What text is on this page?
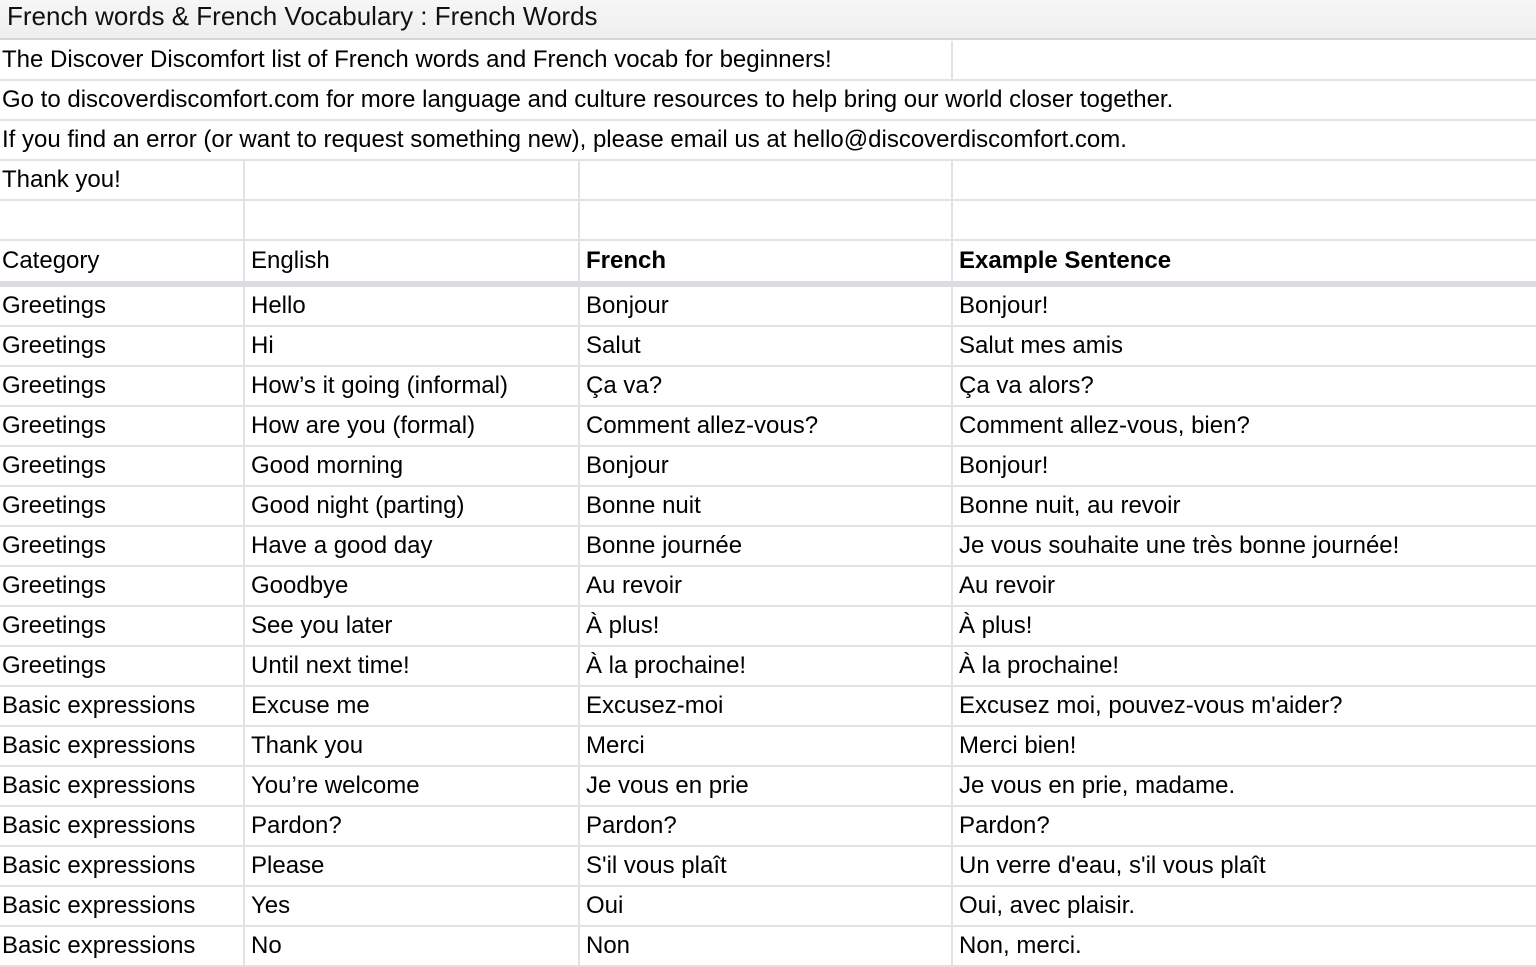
French words & French Vocabulary : French Words
The Discover Discomfort list of French words and French vocab for beginners!
Go to discoverdiscomfort.com for more language and culture resources to help bring our world closer together.
If you find an error (or want to request something new), please email us at hello@discoverdiscomfort.com.
Thank you!
Category	English	French	Example Sentence
Greetings	Hello	Bonjour	Bonjour!
Greetings	Hi	Salut	Salut mes amis
Greetings	How’s it going (informal)	Ça va?	Ça va alors?
Greetings	How are you (formal)	Comment allez-vous?	Comment allez-vous, bien?
Greetings	Good morning	Bonjour	Bonjour!
Greetings	Good night (parting)	Bonne nuit	Bonne nuit, au revoir
Greetings	Have a good day	Bonne journée	Je vous souhaite une très bonne journée!
Greetings	Goodbye	Au revoir	Au revoir
Greetings	See you later	À plus!	À plus!
Greetings	Until next time!	À la prochaine!	À la prochaine!
Basic expressions	Excuse me	Excusez-moi	Excusez moi, pouvez-vous m'aider?
Basic expressions	Thank you	Merci	Merci bien!
Basic expressions	You’re welcome	Je vous en prie	Je vous en prie, madame.
Basic expressions	Pardon?	Pardon?	Pardon?
Basic expressions	Please	S'il vous plaît	Un verre d'eau, s'il vous plaît
Basic expressions	Yes	Oui	Oui, avec plaisir.
Basic expressions	No	Non	Non, merci.
